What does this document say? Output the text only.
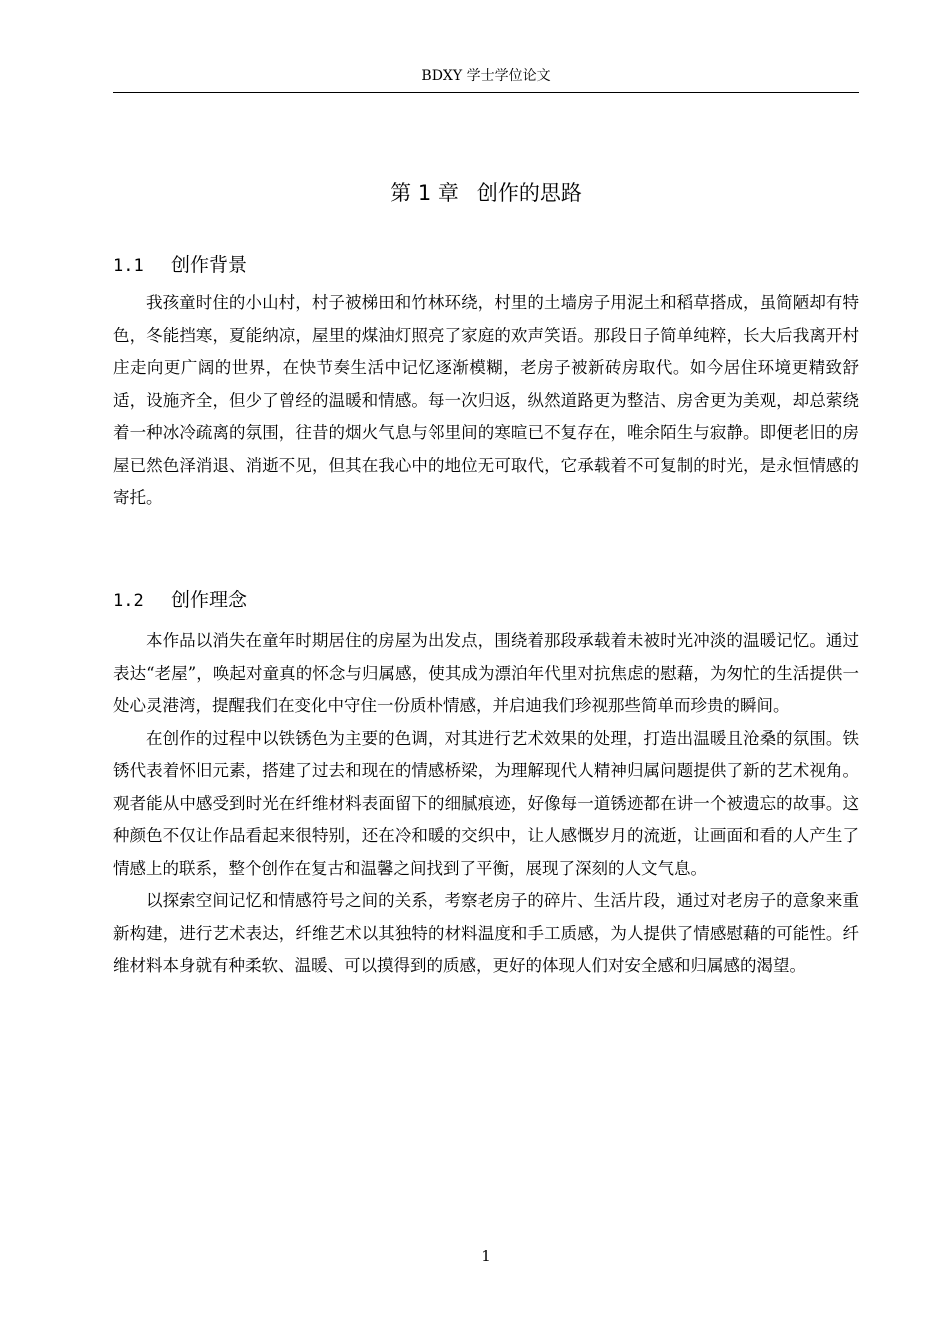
BDXY 学士学位论文
第 1 章 创作的思路
1.1 创作背景

我孩童时住的小山村，村子被梯田和竹林环绕，村里的土墙房子用泥土和稻草搭成，虽简陋却有特色，冬能挡寒，夏能纳凉，屋里的煤油灯照亮了家庭的欢声笑语。那段日子简单纯粹，长大后我离开村庄走向更广阔的世界，在快节奏生活中记忆逐渐模糊，老房子被新砖房取代。如今居住环境更精致舒适，设施齐全，但少了曾经的温暖和情感。每一次归返，纵然道路更为整洁、房舍更为美观，却总萦绕着一种冰冷疏离的氛围，往昔的烟火气息与邻里间的寒暄已不复存在，唯余陌生与寂静。即便老旧的房屋已然色泽消退、消逝不见，但其在我心中的地位无可取代，它承载着不可复制的时光，是永恒情感的寄托。

1.2 创作理念

本作品以消失在童年时期居住的房屋为出发点，围绕着那段承载着未被时光冲淡的温暖记忆。通过表达“老屋”，唤起对童真的怀念与归属感，使其成为漂泊年代里对抗焦虑的慰藉，为匆忙的生活提供一处心灵港湾，提醒我们在变化中守住一份质朴情感，并启迪我们珍视那些简单而珍贵的瞬间。

在创作的过程中以铁锈色为主要的色调，对其进行艺术效果的处理，打造出温暖且沧桑的氛围。铁锈代表着怀旧元素，搭建了过去和现在的情感桥梁，为理解现代人精神归属问题提供了新的艺术视角。观者能从中感受到时光在纤维材料表面留下的细腻痕迹，好像每一道锈迹都在讲一个被遗忘的故事。这种颜色不仅让作品看起来很特别，还在冷和暖的交织中，让人感慨岁月的流逝，让画面和看的人产生了情感上的联系，整个创作在复古和温馨之间找到了平衡，展现了深刻的人文气息。

以探索空间记忆和情感符号之间的关系，考察老房子的碎片、生活片段，通过对老房子的意象来重新构建，进行艺术表达，纤维艺术以其独特的材料温度和手工质感，为人提供了情感慰藉的可能性。纤维材料本身就有种柔软、温暖、可以摸得到的质感，更好的体现人们对安全感和归属感的渴望。

1
